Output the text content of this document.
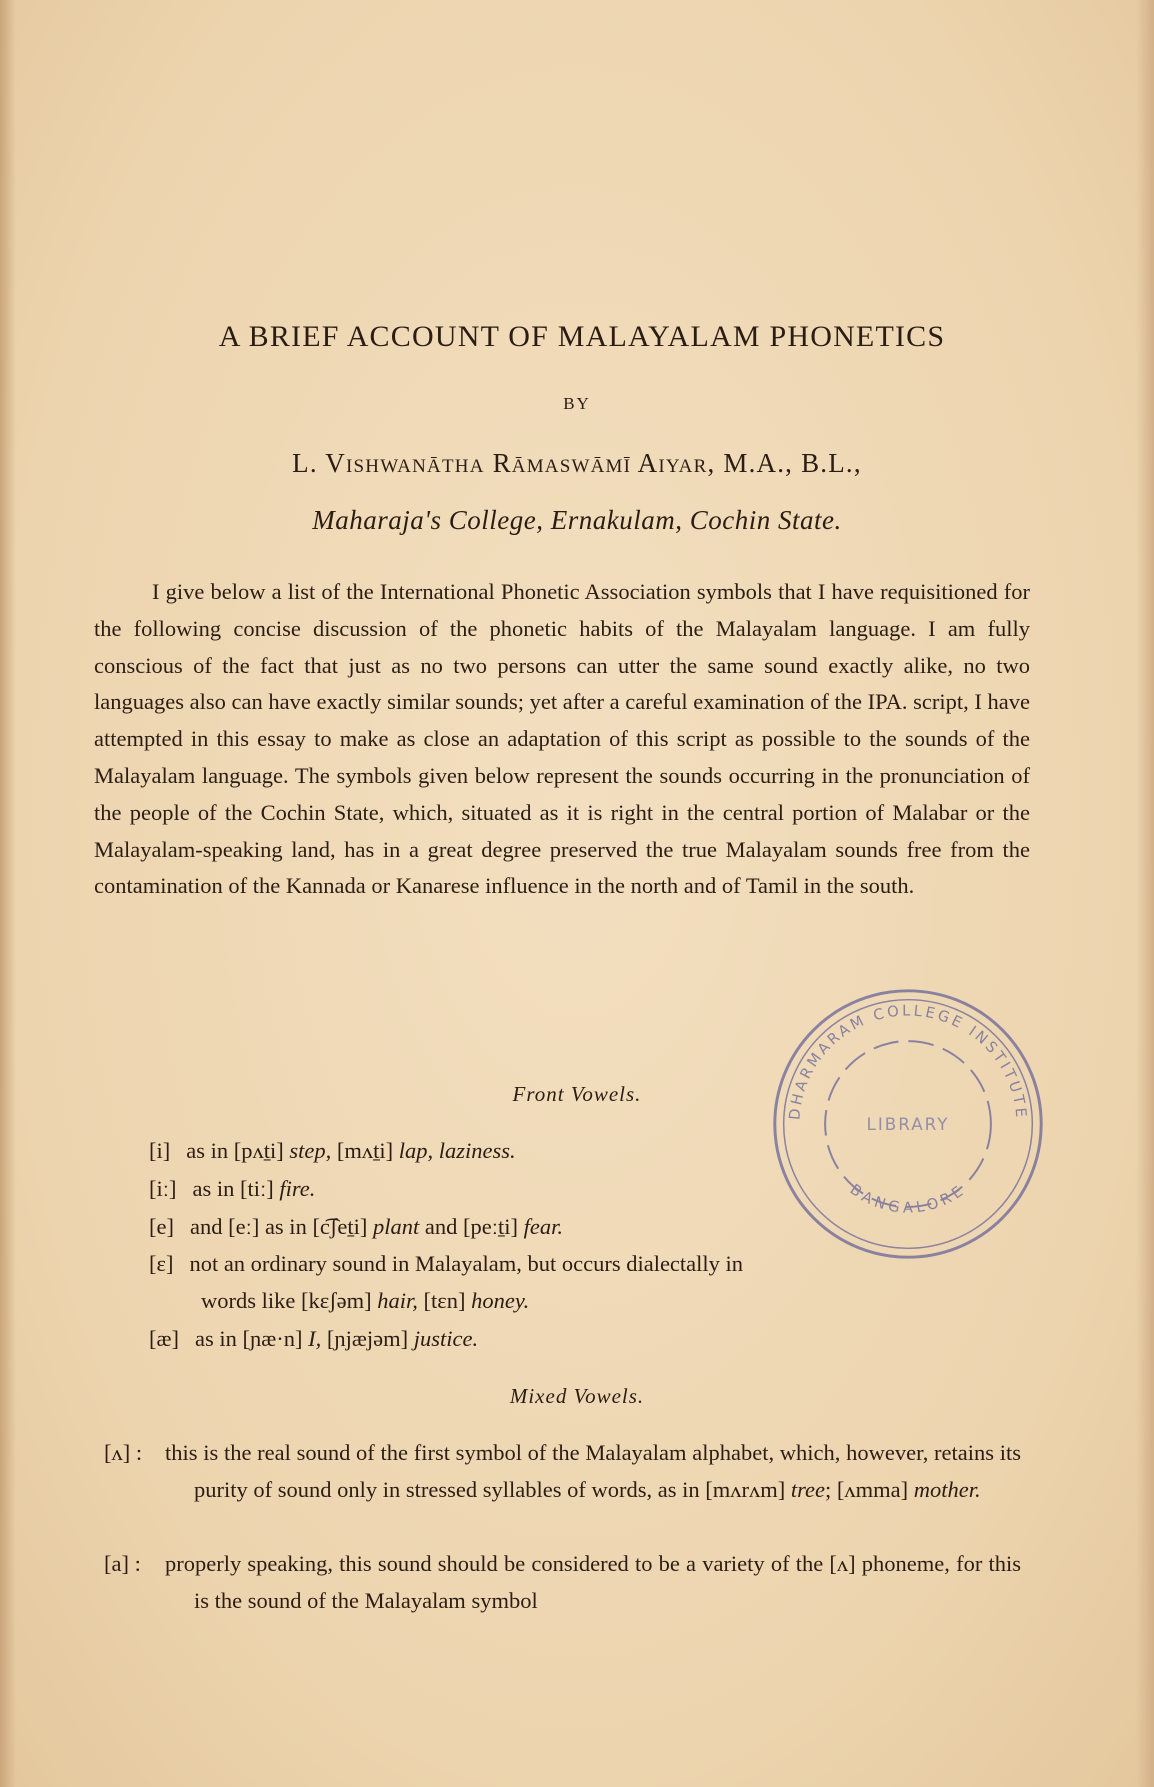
A BRIEF ACCOUNT OF MALAYALAM PHONETICS
BY
L. Vishwanātha Rāmaswāmī Aiyar, M.A., B.L.,
Maharaja's College, Ernakulam, Cochin State.

I give below a list of the International Phonetic Association symbols that I have requisitioned for the following concise discussion of the phonetic habits of the Malayalam language. I am fully conscious of the fact that just as no two persons can utter the same sound exactly alike, no two languages also can have exactly similar sounds; yet after a careful examination of the IPA. script, I have attempted in this essay to make as close an adaptation of this script as possible to the sounds of the Malayalam language. The symbols given below represent the sounds occurring in the pronunciation of the people of the Cochin State, which, situated as it is right in the central portion of Malabar or the Malayalam-speaking land, has in a great degree preserved the true Malayalam sounds free from the contamination of the Kannada or Kanarese influence in the north and of Tamil in the south.

Front Vowels.

[i] as in [pʌṯi] step, [mʌṯi] lap, laziness.

[iː] as in [tiː] fire.

[e] and [eː] as in [c͡ʃeṯi] plant and [peːṯi] fear.

[ɛ] not an ordinary sound in Malayalam, but occurs dialectally in
words like [kɛʃəm] hair, [tɛn] honey.

[æ] as in [ɲæ·n] I, [ɲjæjəm] justice.

Mixed Vowels.

[ʌ] : this is the real sound of the first symbol of the Malayalam alphabet, which, however, retains its purity of sound only in stressed syllables of words, as in [mʌrʌm] tree; [ʌmma] mother.

[a] : properly speaking, this sound should be considered to be a variety of the [ʌ] phoneme, for this is the sound of the Malayalam symbol

DHARMARAM COLLEGE INSTITUTE
LIBRARY
BANGALORE
